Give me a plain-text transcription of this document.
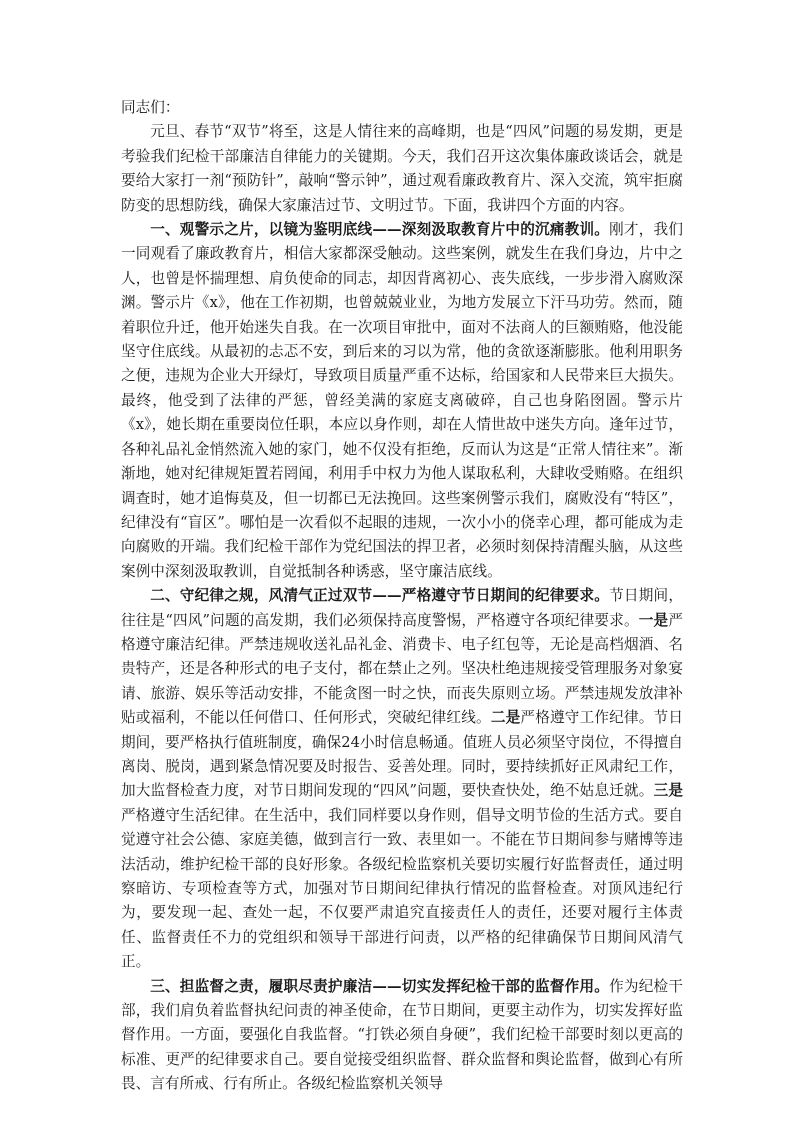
同志们：

元旦、春节“双节”将至，这是人情往来的高峰期，也是“四风”问题的易发期，更是考验我们纪检干部廉洁自律能力的关键期。今天，我们召开这次集体廉政谈话会，就是要给大家打一剂“预防针”，敲响“警示钟”，通过观看廉政教育片、深入交流，筑牢拒腐防变的思想防线，确保大家廉洁过节、文明过节。下面，我讲四个方面的内容。

一、观警示之片，以镜为鉴明底线——深刻汲取教育片中的沉痛教训。刚才，我们一同观看了廉政教育片，相信大家都深受触动。这些案例，就发生在我们身边，片中之人，也曾是怀揣理想、肩负使命的同志，却因背离初心、丧失底线，一步步滑入腐败深渊。警示片《x》，他在工作初期，也曾兢兢业业，为地方发展立下汗马功劳。然而，随着职位升迁，他开始迷失自我。在一次项目审批中，面对不法商人的巨额贿赂，他没能坚守住底线。从最初的忐忑不安，到后来的习以为常，他的贪欲逐渐膨胀。他利用职务之便，违规为企业大开绿灯，导致项目质量严重不达标，给国家和人民带来巨大损失。最终，他受到了法律的严惩，曾经美满的家庭支离破碎，自己也身陷囹圄。警示片《x》，她长期在重要岗位任职，本应以身作则，却在人情世故中迷失方向。逢年过节，各种礼品礼金悄然流入她的家门，她不仅没有拒绝，反而认为这是“正常人情往来”。渐渐地，她对纪律规矩置若罔闻，利用手中权力为他人谋取私利，大肆收受贿赂。在组织调查时，她才追悔莫及，但一切都已无法挽回。这些案例警示我们，腐败没有“特区”，纪律没有“盲区”。哪怕是一次看似不起眼的违规，一次小小的侥幸心理，都可能成为走向腐败的开端。我们纪检干部作为党纪国法的捍卫者，必须时刻保持清醒头脑，从这些案例中深刻汲取教训，自觉抵制各种诱惑，坚守廉洁底线。

二、守纪律之规，风清气正过双节——严格遵守节日期间的纪律要求。节日期间，往往是“四风”问题的高发期，我们必须保持高度警惕，严格遵守各项纪律要求。一是严格遵守廉洁纪律。严禁违规收送礼品礼金、消费卡、电子红包等，无论是高档烟酒、名贵特产，还是各种形式的电子支付，都在禁止之列。坚决杜绝违规接受管理服务对象宴请、旅游、娱乐等活动安排，不能贪图一时之快，而丧失原则立场。严禁违规发放津补贴或福利，不能以任何借口、任何形式，突破纪律红线。二是严格遵守工作纪律。节日期间，要严格执行值班制度，确保24小时信息畅通。值班人员必须坚守岗位，不得擅自离岗、脱岗，遇到紧急情况要及时报告、妥善处理。同时，要持续抓好正风肃纪工作，加大监督检查力度，对节日期间发现的“四风”问题，要快查快处，绝不姑息迁就。三是严格遵守生活纪律。在生活中，我们同样要以身作则，倡导文明节俭的生活方式。要自觉遵守社会公德、家庭美德，做到言行一致、表里如一。不能在节日期间参与赌博等违法活动，维护纪检干部的良好形象。各级纪检监察机关要切实履行好监督责任，通过明察暗访、专项检查等方式，加强对节日期间纪律执行情况的监督检查。对顶风违纪行为，要发现一起、查处一起，不仅要严肃追究直接责任人的责任，还要对履行主体责任、监督责任不力的党组织和领导干部进行问责，以严格的纪律确保节日期间风清气正。

三、担监督之责，履职尽责护廉洁——切实发挥纪检干部的监督作用。作为纪检干部，我们肩负着监督执纪问责的神圣使命，在节日期间，更要主动作为，切实发挥好监督作用。一方面，要强化自我监督。“打铁必须自身硬”，我们纪检干部要时刻以更高的标准、更严的纪律要求自己。要自觉接受组织监督、群众监督和舆论监督，做到心有所畏、言有所戒、行有所止。各级纪检监察机关领导
